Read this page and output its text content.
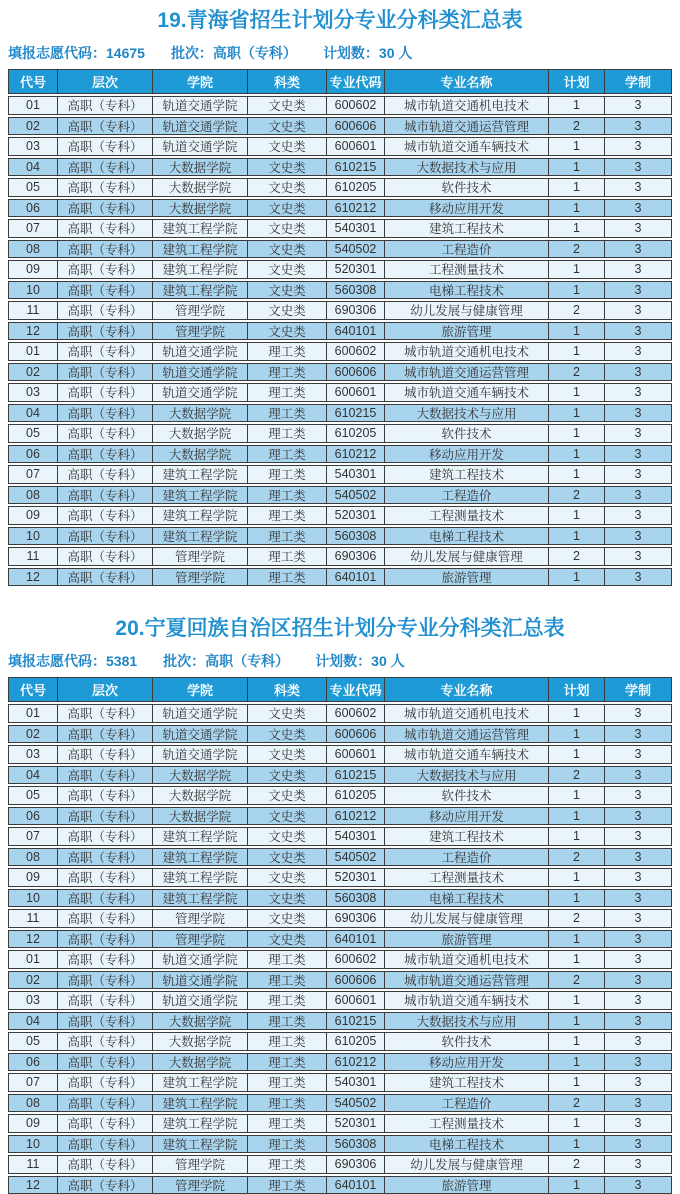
19.青海省招生计划分专业分科类汇总表
填报志愿代码：14675 批次：高职（专科） 计划数：30 人
代号	层次	学院	科类	专业代码	专业名称	计划	学制
01	高职（专科）	轨道交通学院	文史类	600602	城市轨道交通机电技术	1	3
02	高职（专科）	轨道交通学院	文史类	600606	城市轨道交通运营管理	2	3
03	高职（专科）	轨道交通学院	文史类	600601	城市轨道交通车辆技术	1	3
04	高职（专科）	大数据学院	文史类	610215	大数据技术与应用	1	3
05	高职（专科）	大数据学院	文史类	610205	软件技术	1	3
06	高职（专科）	大数据学院	文史类	610212	移动应用开发	1	3
07	高职（专科）	建筑工程学院	文史类	540301	建筑工程技术	1	3
08	高职（专科）	建筑工程学院	文史类	540502	工程造价	2	3
09	高职（专科）	建筑工程学院	文史类	520301	工程测量技术	1	3
10	高职（专科）	建筑工程学院	文史类	560308	电梯工程技术	1	3
11	高职（专科）	管理学院	文史类	690306	幼儿发展与健康管理	2	3
12	高职（专科）	管理学院	文史类	640101	旅游管理	1	3
01	高职（专科）	轨道交通学院	理工类	600602	城市轨道交通机电技术	1	3
02	高职（专科）	轨道交通学院	理工类	600606	城市轨道交通运营管理	2	3
03	高职（专科）	轨道交通学院	理工类	600601	城市轨道交通车辆技术	1	3
04	高职（专科）	大数据学院	理工类	610215	大数据技术与应用	1	3
05	高职（专科）	大数据学院	理工类	610205	软件技术	1	3
06	高职（专科）	大数据学院	理工类	610212	移动应用开发	1	3
07	高职（专科）	建筑工程学院	理工类	540301	建筑工程技术	1	3
08	高职（专科）	建筑工程学院	理工类	540502	工程造价	2	3
09	高职（专科）	建筑工程学院	理工类	520301	工程测量技术	1	3
10	高职（专科）	建筑工程学院	理工类	560308	电梯工程技术	1	3
11	高职（专科）	管理学院	理工类	690306	幼儿发展与健康管理	2	3
12	高职（专科）	管理学院	理工类	640101	旅游管理	1	3
20.宁夏回族自治区招生计划分专业分科类汇总表
填报志愿代码：5381 批次：高职（专科） 计划数：30 人
代号	层次	学院	科类	专业代码	专业名称	计划	学制
01	高职（专科）	轨道交通学院	文史类	600602	城市轨道交通机电技术	1	3
02	高职（专科）	轨道交通学院	文史类	600606	城市轨道交通运营管理	1	3
03	高职（专科）	轨道交通学院	文史类	600601	城市轨道交通车辆技术	1	3
04	高职（专科）	大数据学院	文史类	610215	大数据技术与应用	2	3
05	高职（专科）	大数据学院	文史类	610205	软件技术	1	3
06	高职（专科）	大数据学院	文史类	610212	移动应用开发	1	3
07	高职（专科）	建筑工程学院	文史类	540301	建筑工程技术	1	3
08	高职（专科）	建筑工程学院	文史类	540502	工程造价	2	3
09	高职（专科）	建筑工程学院	文史类	520301	工程测量技术	1	3
10	高职（专科）	建筑工程学院	文史类	560308	电梯工程技术	1	3
11	高职（专科）	管理学院	文史类	690306	幼儿发展与健康管理	2	3
12	高职（专科）	管理学院	文史类	640101	旅游管理	1	3
01	高职（专科）	轨道交通学院	理工类	600602	城市轨道交通机电技术	1	3
02	高职（专科）	轨道交通学院	理工类	600606	城市轨道交通运营管理	2	3
03	高职（专科）	轨道交通学院	理工类	600601	城市轨道交通车辆技术	1	3
04	高职（专科）	大数据学院	理工类	610215	大数据技术与应用	1	3
05	高职（专科）	大数据学院	理工类	610205	软件技术	1	3
06	高职（专科）	大数据学院	理工类	610212	移动应用开发	1	3
07	高职（专科）	建筑工程学院	理工类	540301	建筑工程技术	1	3
08	高职（专科）	建筑工程学院	理工类	540502	工程造价	2	3
09	高职（专科）	建筑工程学院	理工类	520301	工程测量技术	1	3
10	高职（专科）	建筑工程学院	理工类	560308	电梯工程技术	1	3
11	高职（专科）	管理学院	理工类	690306	幼儿发展与健康管理	2	3
12	高职（专科）	管理学院	理工类	640101	旅游管理	1	3
